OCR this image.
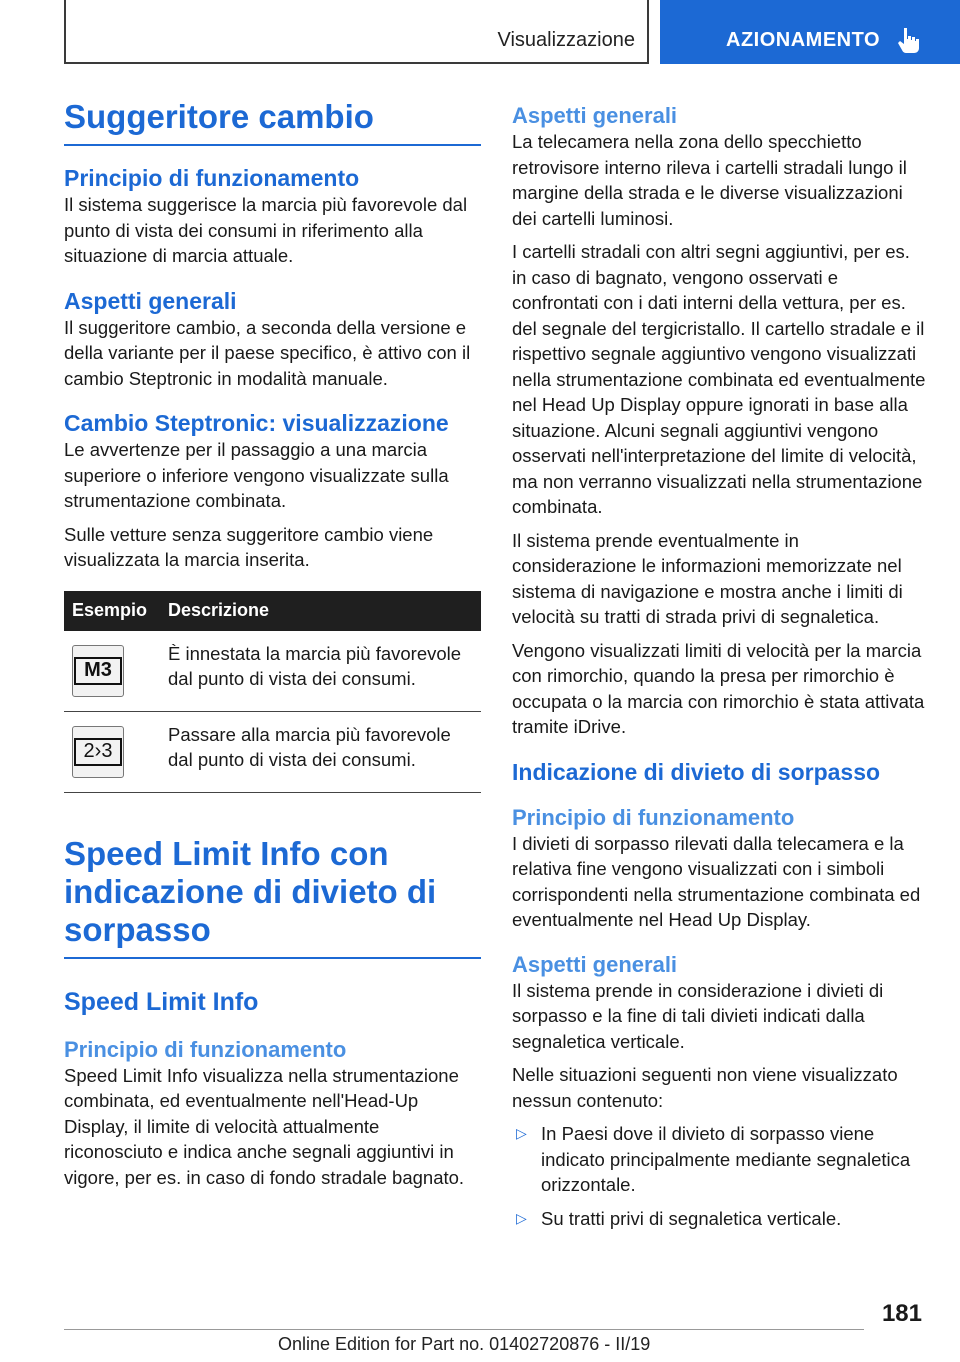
Visualizzazione	AZIONAMENTO
Suggeritore cambio
Principio di funzionamento

Il sistema suggerisce la marcia più favorevole dal punto di vista dei consumi in riferimento alla situazione di marcia attuale.

Aspetti generali

Il suggeritore cambio, a seconda della versione e della variante per il paese specifico, è attivo con il cambio Steptronic in modalità manuale.

Cambio Steptronic: visualizzazione

Le avvertenze per il passaggio a una marcia superiore o inferiore vengono visualizzate sulla strumentazione combinata.

Sulle vetture senza suggeritore cambio viene visualizzata la marcia inserita.

Esempio	Descrizione

M3	È innestata la marcia più favorevole dal punto di vista dei consumi.

2›3	Passare alla marcia più favorevole dal punto di vista dei consumi.
Speed Limit Info con indicazione di divieto di sorpasso
Speed Limit Info
Principio di funzionamento

Speed Limit Info visualizza nella strumentazione combinata, ed eventualmente nell'Head-Up Display, il limite di velocità attualmente riconosciuto e indica anche segnali aggiuntivi in vigore, per es. in caso di fondo stradale bagnato.

Aspetti generali

La telecamera nella zona dello specchietto retrovisore interno rileva i cartelli stradali lungo il margine della strada e le diverse visualizzazioni dei cartelli luminosi.

I cartelli stradali con altri segni aggiuntivi, per es. in caso di bagnato, vengono osservati e confrontati con i dati interni della vettura, per es. del segnale del tergicristallo. Il cartello stradale e il rispettivo segnale aggiuntivo vengono visualizzati nella strumentazione combinata ed eventualmente nel Head Up Display oppure ignorati in base alla situazione. Alcuni segnali aggiuntivi vengono osservati nell'interpretazione del limite di velocità, ma non verranno visualizzati nella strumentazione combinata.

Il sistema prende eventualmente in considerazione le informazioni memorizzate nel sistema di navigazione e mostra anche i limiti di velocità su tratti di strada privi di segnaletica.

Vengono visualizzati limiti di velocità per la marcia con rimorchio, quando la presa per rimorchio è occupata o la marcia con rimorchio è stata attivata tramite iDrive.

Indicazione di divieto di sorpasso
Principio di funzionamento

I divieti di sorpasso rilevati dalla telecamera e la relativa fine vengono visualizzati con i simboli corrispondenti nella strumentazione combinata ed eventualmente nel Head Up Display.

Aspetti generali

Il sistema prende in considerazione i divieti di sorpasso e la fine di tali divieti indicati dalla segnaletica verticale.

Nelle situazioni seguenti non viene visualizzato nessun contenuto:

▷ In Paesi dove il divieto di sorpasso viene indicato principalmente mediante segnaletica orizzontale.
▷ Su tratti privi di segnaletica verticale.
181
Online Edition for Part no. 01402720876 - II/19
